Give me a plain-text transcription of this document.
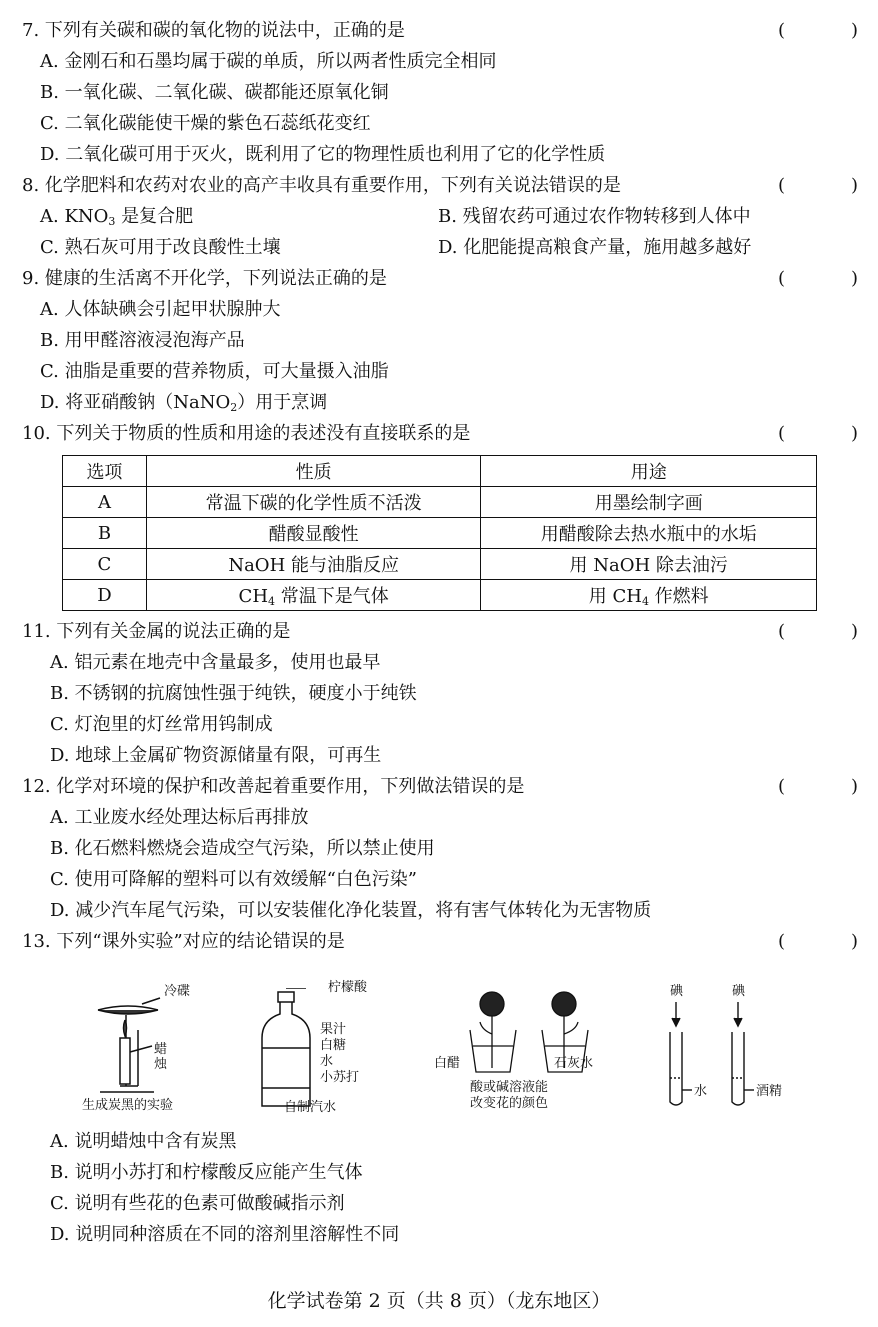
7. 下列有关碳和碳的氧化物的说法中，正确的是	(	)
A. 金刚石和石墨均属于碳的单质，所以两者性质完全相同
B. 一氧化碳、二氧化碳、碳都能还原氧化铜
C. 二氧化碳能使干燥的紫色石蕊纸花变红
D. 二氧化碳可用于灭火，既利用了它的物理性质也利用了它的化学性质
8. 化学肥料和农药对农业的高产丰收具有重要作用，下列有关说法错误的是	(	)
A. $KNO_3$ 是复合肥	B. 残留农药可通过农作物转移到人体中
C. 熟石灰可用于改良酸性土壤	D. 化肥能提高粮食产量，施用越多越好
9. 健康的生活离不开化学，下列说法正确的是	(	)
A. 人体缺碘会引起甲状腺肿大
B. 用甲醛溶液浸泡海产品
C. 油脂是重要的营养物质，可大量摄入油脂
D. 将亚硝酸钠（NaNO$_2$）用于烹调
10. 下列关于物质的性质和用途的表述没有直接联系的是	(	)
选项	性质	用途
A	常温下碳的化学性质不活泼	用墨绘制字画
B	醋酸显酸性	用醋酸除去热水瓶中的水垢
C	NaOH 能与油脂反应	用 NaOH 除去油污
D	$CH_4$ 常温下是气体	用 $CH_4$ 作燃料
11. 下列有关金属的说法正确的是	(	)
A. 铝元素在地壳中含量最多，使用也最早
B. 不锈钢的抗腐蚀性强于纯铁，硬度小于纯铁
C. 灯泡里的灯丝常用钨制成
D. 地球上金属矿物资源储量有限，可再生
12. 化学对环境的保护和改善起着重要作用，下列做法错误的是	(	)
A. 工业废水经处理达标后再排放
B. 化石燃料燃烧会造成空气污染，所以禁止使用
C. 使用可降解的塑料可以有效缓解“白色污染”
D. 减少汽车尾气污染，可以安装催化净化装置，将有害气体转化为无害物质
13. 下列“课外实验”对应的结论错误的是	(	)
冷碟
蜡烛
生成炭黑的实验
柠檬酸
果汁
白糖
水
小苏打
自制汽水
白醋	石灰水
酸或碱溶液能
改变花的颜色
碘	碘
水	酒精
A. 说明蜡烛中含有炭黑
B. 说明小苏打和柠檬酸反应能产生气体
C. 说明有些花的色素可做酸碱指示剂
D. 说明同种溶质在不同的溶剂里溶解性不同
化学试卷第 2 页（共 8 页）（龙东地区）
